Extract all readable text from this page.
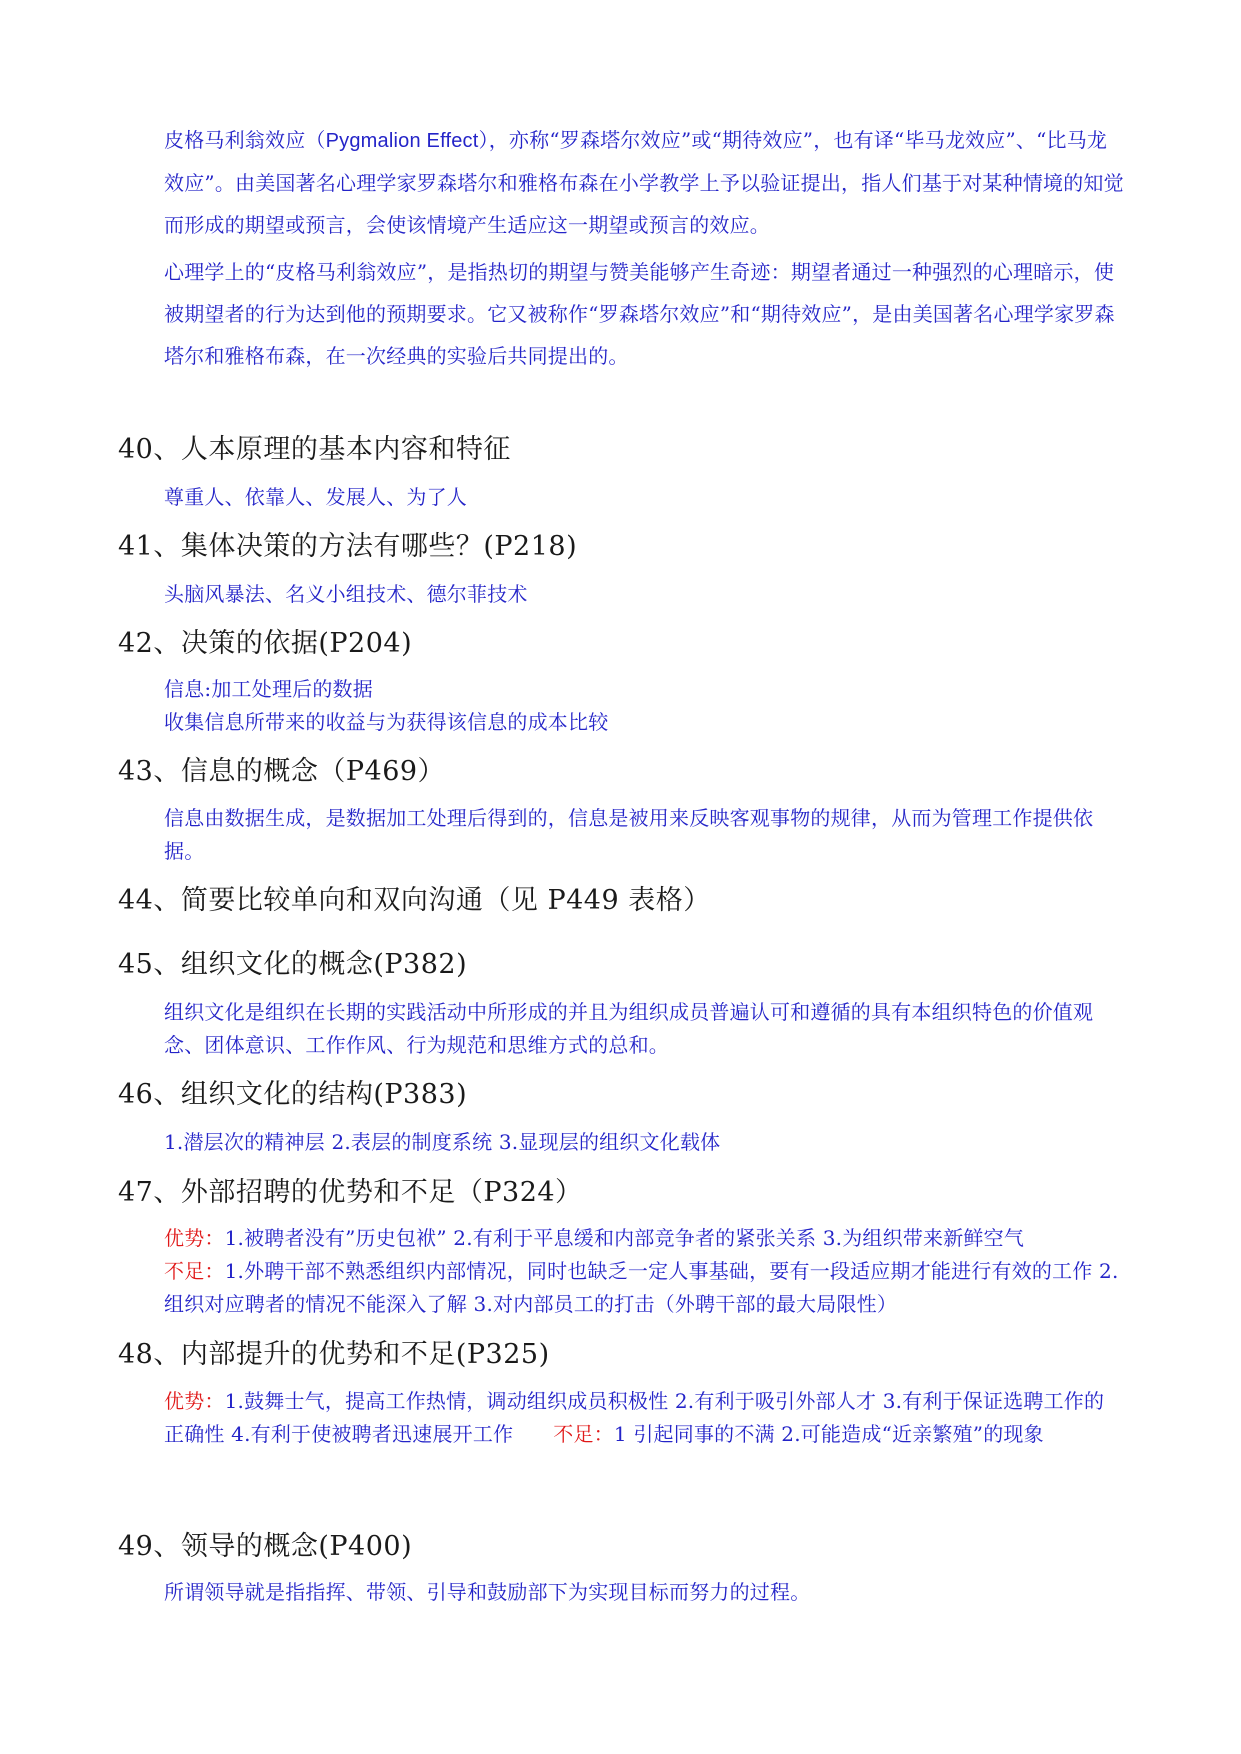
皮格马利翁效应（Pygmalion Effect），亦称“罗森塔尔效应”或“期待效应”，也有译“毕马龙效应”、“比马龙效应”。由美国著名心理学家罗森塔尔和雅格布森在小学教学上予以验证提出，指人们基于对某种情境的知觉而形成的期望或预言，会使该情境产生适应这一期望或预言的效应。
心理学上的“皮格马利翁效应”，是指热切的期望与赞美能够产生奇迹：期望者通过一种强烈的心理暗示，使被期望者的行为达到他的预期要求。它又被称作“罗森塔尔效应”和“期待效应”，是由美国著名心理学家罗森塔尔和雅格布森，在一次经典的实验后共同提出的。
40、人本原理的基本内容和特征
尊重人、依靠人、发展人、为了人
41、集体决策的方法有哪些？(P218)
头脑风暴法、名义小组技术、德尔菲技术
42、决策的依据(P204)
信息:加工处理后的数据
收集信息所带来的收益与为获得该信息的成本比较
43、信息的概念（P469）
信息由数据生成，是数据加工处理后得到的，信息是被用来反映客观事物的规律，从而为管理工作提供依据。
44、简要比较单向和双向沟通（见 P449 表格）
45、组织文化的概念(P382)
组织文化是组织在长期的实践活动中所形成的并且为组织成员普遍认可和遵循的具有本组织特色的价值观念、团体意识、工作作风、行为规范和思维方式的总和。
46、组织文化的结构(P383)
1.潜层次的精神层 2.表层的制度系统 3.显现层的组织文化载体
47、外部招聘的优势和不足（P324）
优势：1.被聘者没有”历史包袱” 2.有利于平息缓和内部竞争者的紧张关系 3.为组织带来新鲜空气
不足：1.外聘干部不熟悉组织内部情况，同时也缺乏一定人事基础，要有一段适应期才能进行有效的工作 2.组织对应聘者的情况不能深入了解 3.对内部员工的打击（外聘干部的最大局限性）
48、内部提升的优势和不足(P325)
优势：1.鼓舞士气，提高工作热情，调动组织成员积极性 2.有利于吸引外部人才 3.有利于保证选聘工作的正确性 4.有利于使被聘者迅速展开工作 不足：1 引起同事的不满 2.可能造成“近亲繁殖”的现象
49、领导的概念(P400)
所谓领导就是指指挥、带领、引导和鼓励部下为实现目标而努力的过程。
